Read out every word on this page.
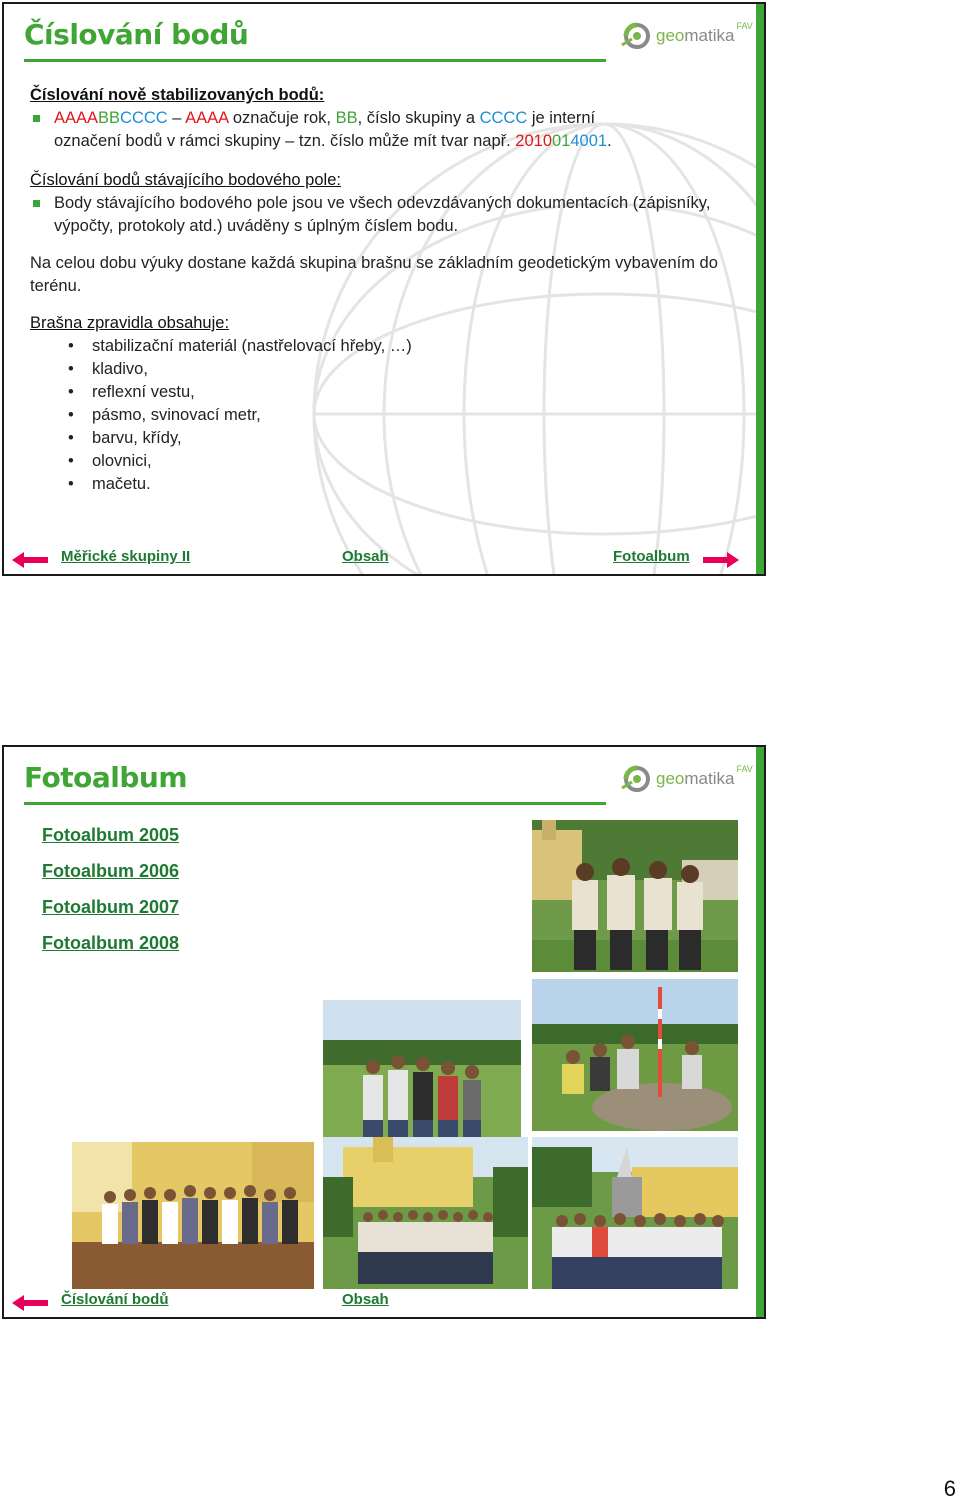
Číslování bodů	geomatika FAV

Číslování nově stabilizovaných bodů:

AAAABBCCCC – AAAA označuje rok, BB, číslo skupiny a CCCC je interní
označení bodů v rámci skupiny – tzn. číslo může mít tvar např. 2010014001.

Číslování bodů stávajícího bodového pole:

Body stávajícího bodového pole jsou ve všech odevzdávaných dokumentacích (zápisníky, výpočty, protokoly atd.) uváděny s úplným číslem bodu.

Na celou dobu výuky dostane každá skupina brašnu se základním geodetickým vybavením do terénu.

Brašna zpravidla obsahuje:

• stabilizační materiál (nastřelovací hřeby, …)
• kladivo,
• reflexní vestu,
• pásmo, svinovací metr,
• barvu, křídy,
• olovnici,
• mačetu.
Měřické skupiny II	Obsah	Fotoalbum
Fotoalbum	geomatika FAV
Fotoalbum 2005
Fotoalbum 2006
Fotoalbum 2007
Fotoalbum 2008
Číslování bodů	Obsah
6
